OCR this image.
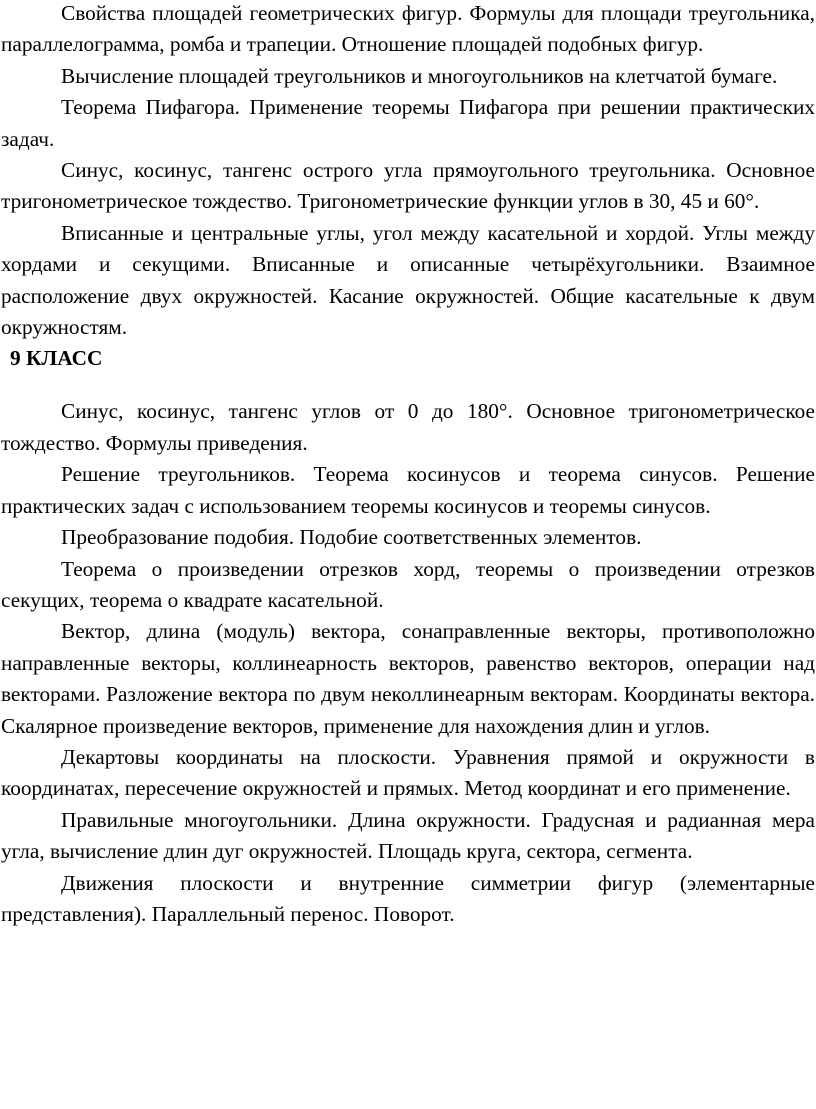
Свойства площадей геометрических фигур. Формулы для площади треугольника, параллелограмма, ромба и трапеции. Отношение площадей подобных фигур.

Вычисление площадей треугольников и многоугольников на клетчатой бумаге.

Теорема Пифагора. Применение теоремы Пифагора при решении практических задач.

Синус, косинус, тангенс острого угла прямоугольного треугольника. Основное тригонометрическое тождество. Тригонометрические функции углов в 30, 45 и 60°.

Вписанные и центральные углы, угол между касательной и хордой. Углы между хордами и секущими. Вписанные и описанные четырёхугольники. Взаимное расположение двух окружностей. Касание окружностей. Общие касательные к двум окружностям.

9 КЛАСС

Синус, косинус, тангенс углов от 0 до 180°. Основное тригонометрическое тождество. Формулы приведения.

Решение треугольников. Теорема косинусов и теорема синусов. Решение практических задач с использованием теоремы косинусов и теоремы синусов.

Преобразование подобия. Подобие соответственных элементов.

Теорема о произведении отрезков хорд, теоремы о произведении отрезков секущих, теорема о квадрате касательной.

Вектор, длина (модуль) вектора, сонаправленные векторы, противоположно направленные векторы, коллинеарность векторов, равенство векторов, операции над векторами. Разложение вектора по двум неколлинеарным векторам. Координаты вектора. Скалярное произведение векторов, применение для нахождения длин и углов.

Декартовы координаты на плоскости. Уравнения прямой и окружности в координатах, пересечение окружностей и прямых. Метод координат и его применение.

Правильные многоугольники. Длина окружности. Градусная и радианная мера угла, вычисление длин дуг окружностей. Площадь круга, сектора, сегмента.

Движения плоскости и внутренние симметрии фигур (элементарные представления). Параллельный перенос. Поворот.
